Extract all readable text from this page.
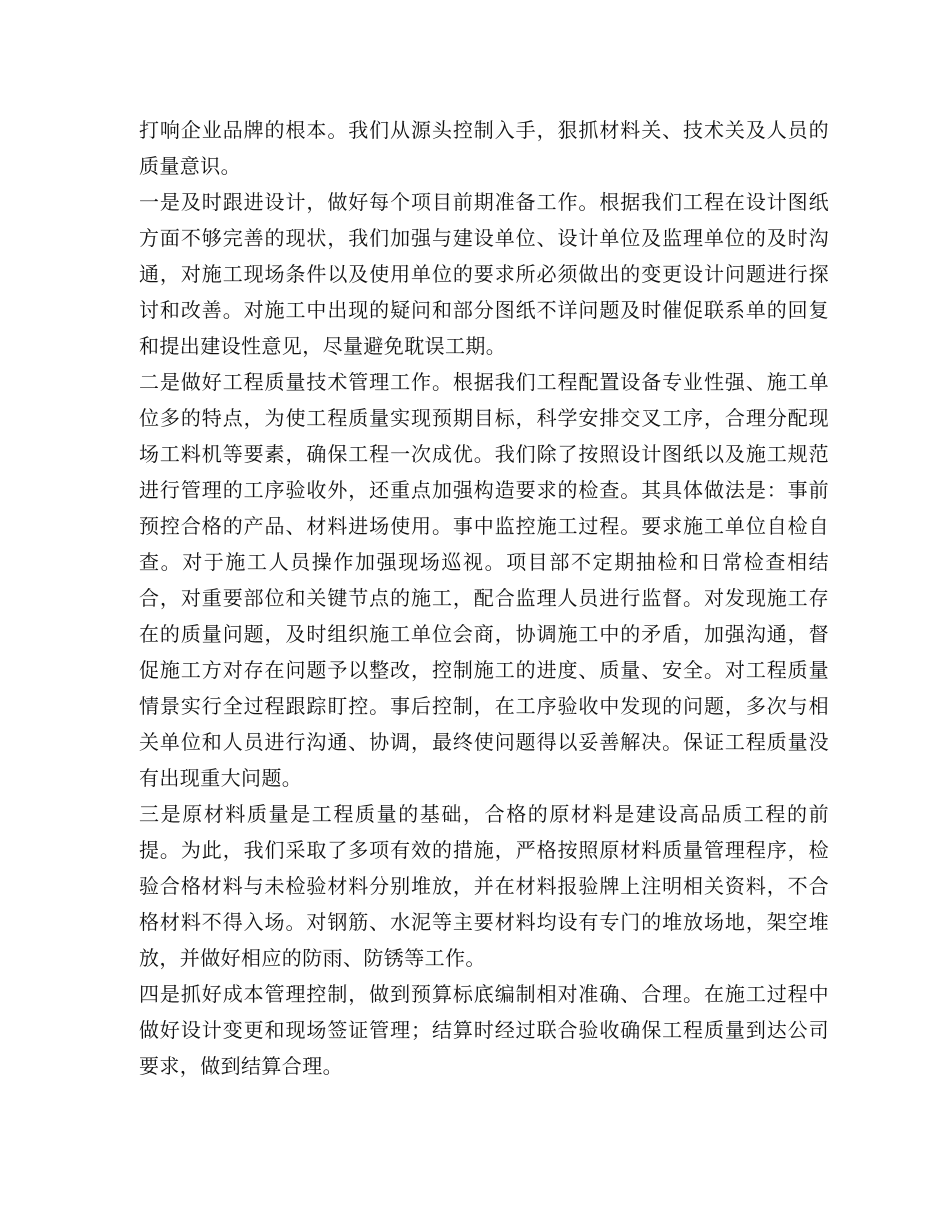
打响企业品牌的根本。我们从源头控制入手，狠抓材料关、技术关及人员的质量意识。

一是及时跟进设计，做好每个项目前期准备工作。根据我们工程在设计图纸方面不够完善的现状，我们加强与建设单位、设计单位及监理单位的及时沟通，对施工现场条件以及使用单位的要求所必须做出的变更设计问题进行探讨和改善。对施工中出现的疑问和部分图纸不详问题及时催促联系单的回复和提出建设性意见，尽量避免耽误工期。

二是做好工程质量技术管理工作。根据我们工程配置设备专业性强、施工单位多的特点，为使工程质量实现预期目标，科学安排交叉工序，合理分配现场工料机等要素，确保工程一次成优。我们除了按照设计图纸以及施工规范进行管理的工序验收外，还重点加强构造要求的检查。其具体做法是：事前预控合格的产品、材料进场使用。事中监控施工过程。要求施工单位自检自查。对于施工人员操作加强现场巡视。项目部不定期抽检和日常检查相结合，对重要部位和关键节点的施工，配合监理人员进行监督。对发现施工存在的质量问题，及时组织施工单位会商，协调施工中的矛盾，加强沟通，督促施工方对存在问题予以整改，控制施工的进度、质量、安全。对工程质量情景实行全过程跟踪盯控。事后控制，在工序验收中发现的问题，多次与相关单位和人员进行沟通、协调，最终使问题得以妥善解决。保证工程质量没有出现重大问题。

三是原材料质量是工程质量的基础，合格的原材料是建设高品质工程的前提。为此，我们采取了多项有效的措施，严格按照原材料质量管理程序，检验合格材料与未检验材料分别堆放，并在材料报验牌上注明相关资料，不合格材料不得入场。对钢筋、水泥等主要材料均设有专门的堆放场地，架空堆放，并做好相应的防雨、防锈等工作。

四是抓好成本管理控制，做到预算标底编制相对准确、合理。在施工过程中做好设计变更和现场签证管理；结算时经过联合验收确保工程质量到达公司要求，做到结算合理。
